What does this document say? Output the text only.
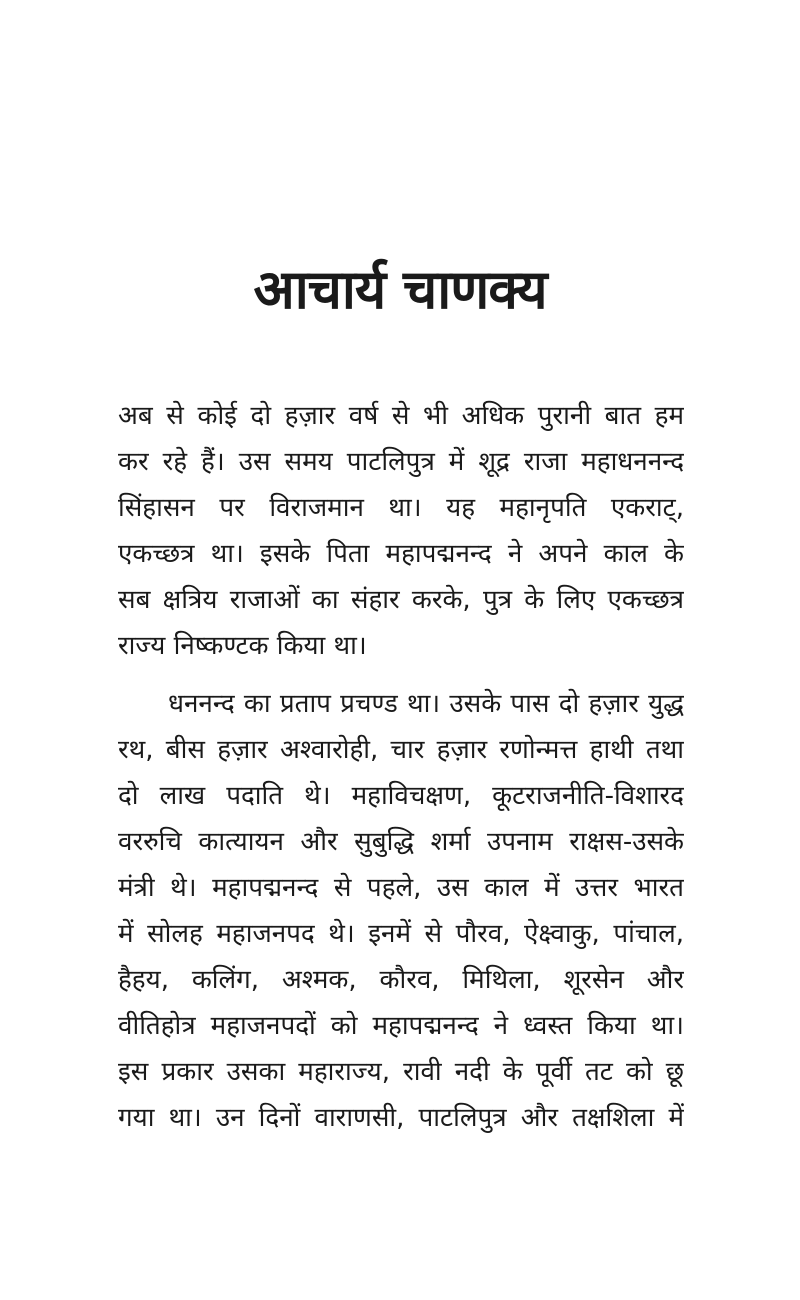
आचार्य चाणक्य

अब से कोई दो हज़ार वर्ष से भी अधिक पुरानी बात हम
कर रहे हैं। उस समय पाटलिपुत्र में शूद्र राजा महाधननन्द
सिंहासन पर विराजमान था। यह महानृपति एकराट्,
एकच्छत्र था। इसके पिता महापद्मनन्द ने अपने काल के
सब क्षत्रिय राजाओं का संहार करके, पुत्र के लिए एकच्छत्र
राज्य निष्कण्टक किया था।

धननन्द का प्रताप प्रचण्ड था। उसके पास दो हज़ार युद्ध
रथ, बीस हज़ार अश्वारोही, चार हज़ार रणोन्मत्त हाथी तथा
दो लाख पदाति थे। महाविचक्षण, कूटराजनीति-विशारद
वररुचि कात्यायन और सुबुद्धि शर्मा उपनाम राक्षस-उसके
मंत्री थे। महापद्मनन्द से पहले, उस काल में उत्तर भारत
में सोलह महाजनपद थे। इनमें से पौरव, ऐक्ष्वाकु, पांचाल,
हैहय, कलिंग, अश्मक, कौरव, मिथिला, शूरसेन और
वीतिहोत्र महाजनपदों को महापद्मनन्द ने ध्वस्त किया था।
इस प्रकार उसका महाराज्य, रावी नदी के पूर्वी तट को छू
गया था। उन दिनों वाराणसी, पाटलिपुत्र और तक्षशिला में
